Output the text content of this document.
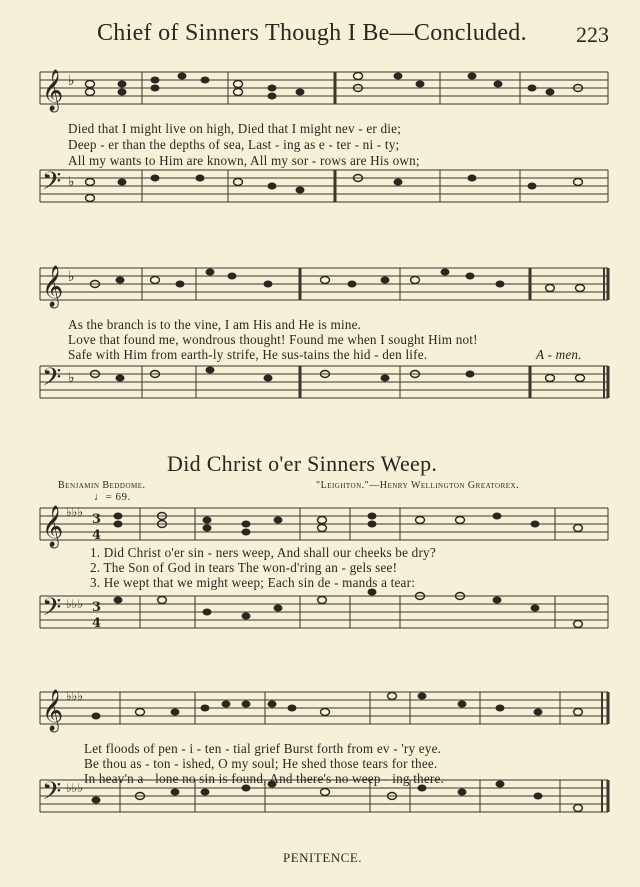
Chief of Sinners Though I Be—Concluded. 223
𝄞 ♭
𝄢 ♭
Died that I might live on high, Died that I might nev - er die;
Deep - er than the depths of sea, Last - ing as e - ter - ni - ty;
All my wants to Him are known, All my sor - rows are His own;
𝄞 ♭
𝄢 ♭
As the branch is to the vine, I am His and He is mine.
Love that found me, wondrous thought! Found me when I sought Him not!
Safe with Him from earth-ly strife, He sus-tains the hid - den life.	A - men.
Did Christ o'er Sinners Weep.
Benjamin Beddome.	"Leighton."—Henry Wellington Greatorex.
♩= 69.
𝄞 ♭♭♭ 3
4
𝄢 ♭♭♭ 3
4
1. Did Christ o'er sin - ners weep, And shall our cheeks be dry?
2. The Son of God in tears The won-d'ring an - gels see!
3. He wept that we might weep; Each sin de - mands a tear:
𝄞 ♭♭♭
𝄢 ♭♭♭
Let floods of pen - i - ten - tial grief Burst forth from ev - 'ry eye.
Be thou as - ton - ished, O my soul; He shed those tears for thee.
In heav'n a - lone no sin is found, And there's no weep - ing there.
PENITENCE.
